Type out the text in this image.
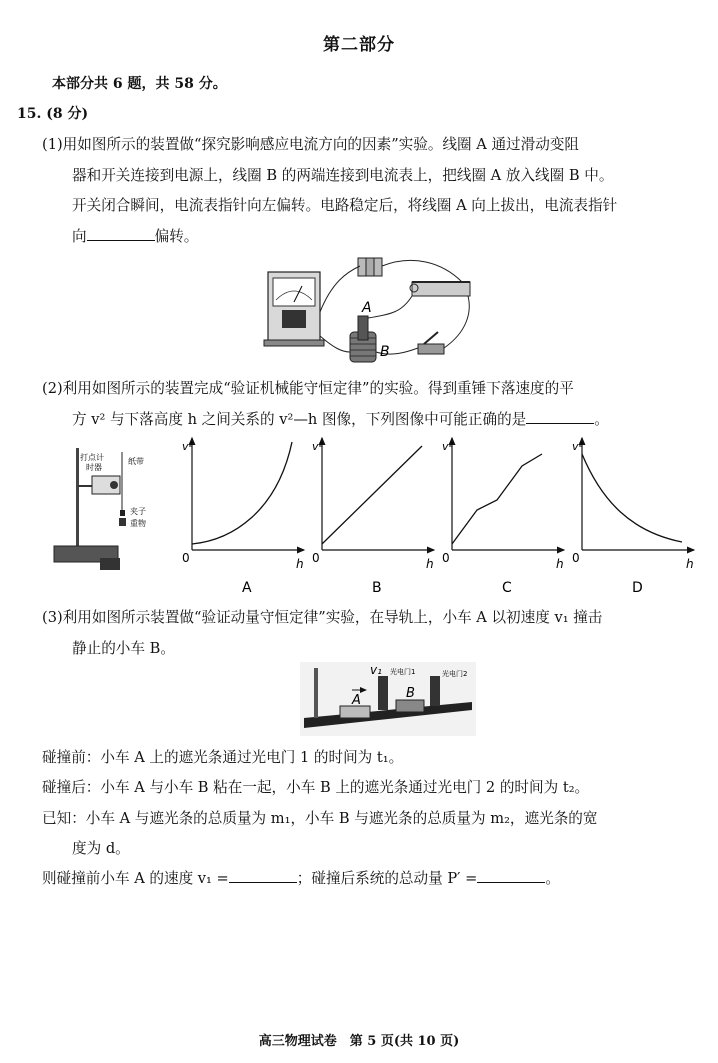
第二部分
本部分共 6 题，共 58 分。
15. (8 分)
(1)用如图所示的装置做“探究影响感应电流方向的因素”实验。线圈 A 通过滑动变阻
器和开关连接到电源上，线圈 B 的两端连接到电流表上，把线圈 A 放入线圈 B 中。
开关闭合瞬间，电流表指针向左偏转。电路稳定后，将线圈 A 向上拔出，电流表指针
向	偏转。
A
B
(2)利用如图所示的装置完成“验证机械能守恒定律”的实验。得到重锤下落速度的平
方 v² 与下落高度 h 之间关系的 v²—h 图像，下列图像中可能正确的是	。
打点计
时器
纸带
夹子
重物
v²
h
0
A
v²
h
0
B
v²
h
0
C
v²
h
0
D
(3)利用如图所示装置做“验证动量守恒定律”实验，在导轨上，小车 A 以初速度 v₁ 撞击
静止的小车 B。
v₁
A	B
光电门1	光电门2
碰撞前：小车 A 上的遮光条通过光电门 1 的时间为 t₁。
碰撞后：小车 A 与小车 B 粘在一起，小车 B 上的遮光条通过光电门 2 的时间为 t₂。
已知：小车 A 与遮光条的总质量为 m₁，小车 B 与遮光条的总质量为 m₂，遮光条的宽
度为 d。
则碰撞前小车 A 的速度 v₁ =	；碰撞后系统的总动量 P′ =	。
高三物理试卷　第 5 页(共 10 页)
